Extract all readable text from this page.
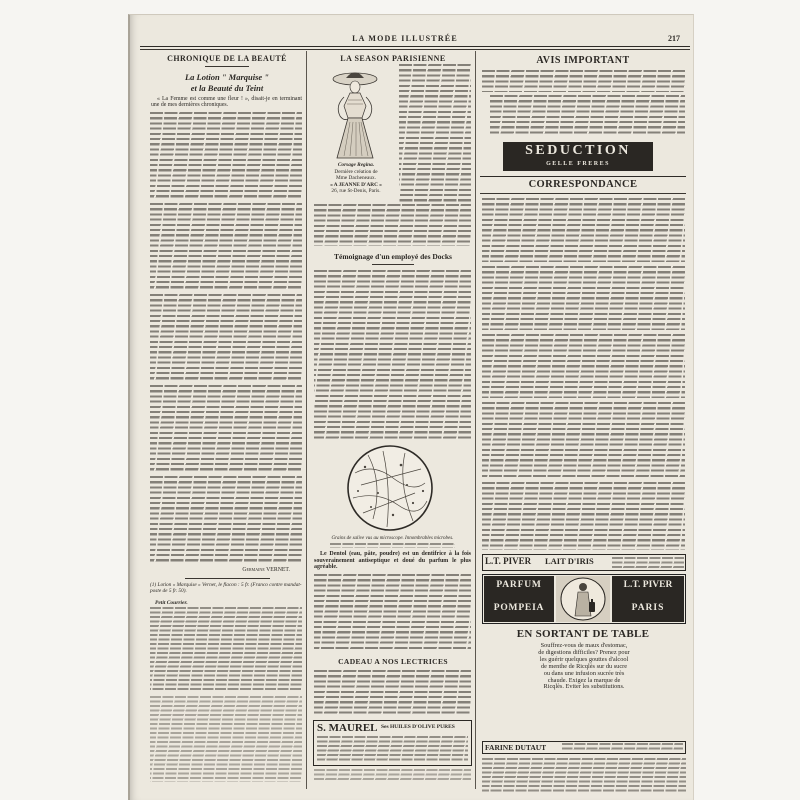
LA MODE ILLUSTRÉE	217
CHRONIQUE DE LA BEAUTÉ
La Lotion " Marquise "
et la Beauté du Teint
« La Femme est comme une fleur ! », disait-je en terminant une de mes dernières chroniques.
Germaine VERNET.
(1) Lotion « Marquise » Vernet, le flacon : 5 fr. (Franco contre mandat-poste de 5 fr. 50).
Petit Courrier.
LA SEASON PARISIENNE
Corsage Regina.
Dernière création de
Mme Dacheneaux.
« A JEANNE D'ARC »
26, rue St-Denis, Paris.
Témoignage d'un employé des Docks
Grains de salive vus au microscope. Innombrables microbes.
Le Dentol (eau, pâte, poudre) est un dentifrice à la fois souverainement antiseptique et doué du parfum le plus agréable.
CADEAU A NOS LECTRICES
S. MAUREL Ses HUILES D'OLIVE PURES
AVIS IMPORTANT
SEDUCTION
GELLE FRERES
CORRESPONDANCE
L.T. PIVER LAIT D'IRIS
PARFUM
POMPEIA
L.T. PIVER
PARIS
EN SORTANT DE TABLE
Souffrez-vous de maux d'estomac,
de digestions difficiles? Prenez pour
les guérir quelques gouttes d'alcool
de menthe de Ricqlès sur du sucre
ou dans une infusion sucrée très
chaude. Exigez la marque de
Ricqlès. Eviter les substitutions.
FARINE DUTAUT
